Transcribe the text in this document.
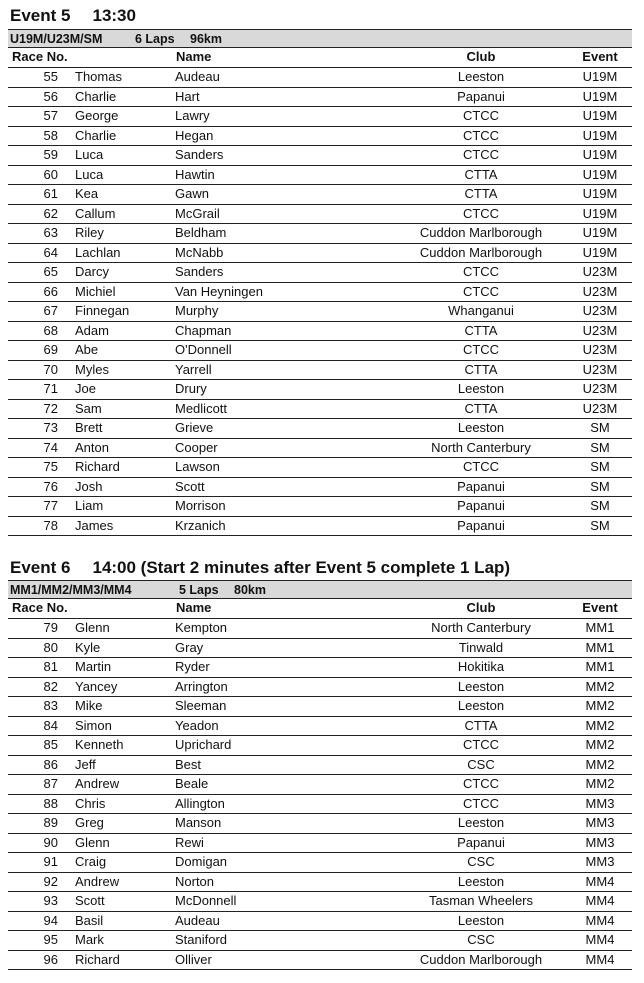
Event 5 13:30
U19M/U23M/SM	6 Laps 96km
Race No.	Name	Club	Event
55 Thomas	Audeau	Leeston	U19M
56 Charlie	Hart	Papanui	U19M
57 George	Lawry	CTCC	U19M
58 Charlie	Hegan	CTCC	U19M
59 Luca	Sanders	CTCC	U19M
60 Luca	Hawtin	CTTA	U19M
61 Kea	Gawn	CTTA	U19M
62 Callum	McGrail	CTCC	U19M
63 Riley	Beldham	Cuddon Marlborough	U19M
64 Lachlan	McNabb	Cuddon Marlborough	U19M
65 Darcy	Sanders	CTCC	U23M
66 Michiel	Van Heyningen	CTCC	U23M
67 Finnegan	Murphy	Whanganui	U23M
68 Adam	Chapman	CTTA	U23M
69 Abe	O'Donnell	CTCC	U23M
70 Myles	Yarrell	CTTA	U23M
71 Joe	Drury	Leeston	U23M
72 Sam	Medlicott	CTTA	U23M
73 Brett	Grieve	Leeston	SM
74 Anton	Cooper	North Canterbury	SM
75 Richard	Lawson	CTCC	SM
76 Josh	Scott	Papanui	SM
77 Liam	Morrison	Papanui	SM
78 James	Krzanich	Papanui	SM
Event 6 14:00 (Start 2 minutes after Event 5 complete 1 Lap)
MM1/MM2/MM3/MM4	5 Laps 80km
Race No.	Name	Club	Event
79 Glenn	Kempton	North Canterbury	MM1
80 Kyle	Gray	Tinwald	MM1
81 Martin	Ryder	Hokitika	MM1
82 Yancey	Arrington	Leeston	MM2
83 Mike	Sleeman	Leeston	MM2
84 Simon	Yeadon	CTTA	MM2
85 Kenneth	Uprichard	CTCC	MM2
86 Jeff	Best	CSC	MM2
87 Andrew	Beale	CTCC	MM2
88 Chris	Allington	CTCC	MM3
89 Greg	Manson	Leeston	MM3
90 Glenn	Rewi	Papanui	MM3
91 Craig	Domigan	CSC	MM3
92 Andrew	Norton	Leeston	MM4
93 Scott	McDonnell	Tasman Wheelers	MM4
94 Basil	Audeau	Leeston	MM4
95 Mark	Staniford	CSC	MM4
96 Richard	Olliver	Cuddon Marlborough	MM4
